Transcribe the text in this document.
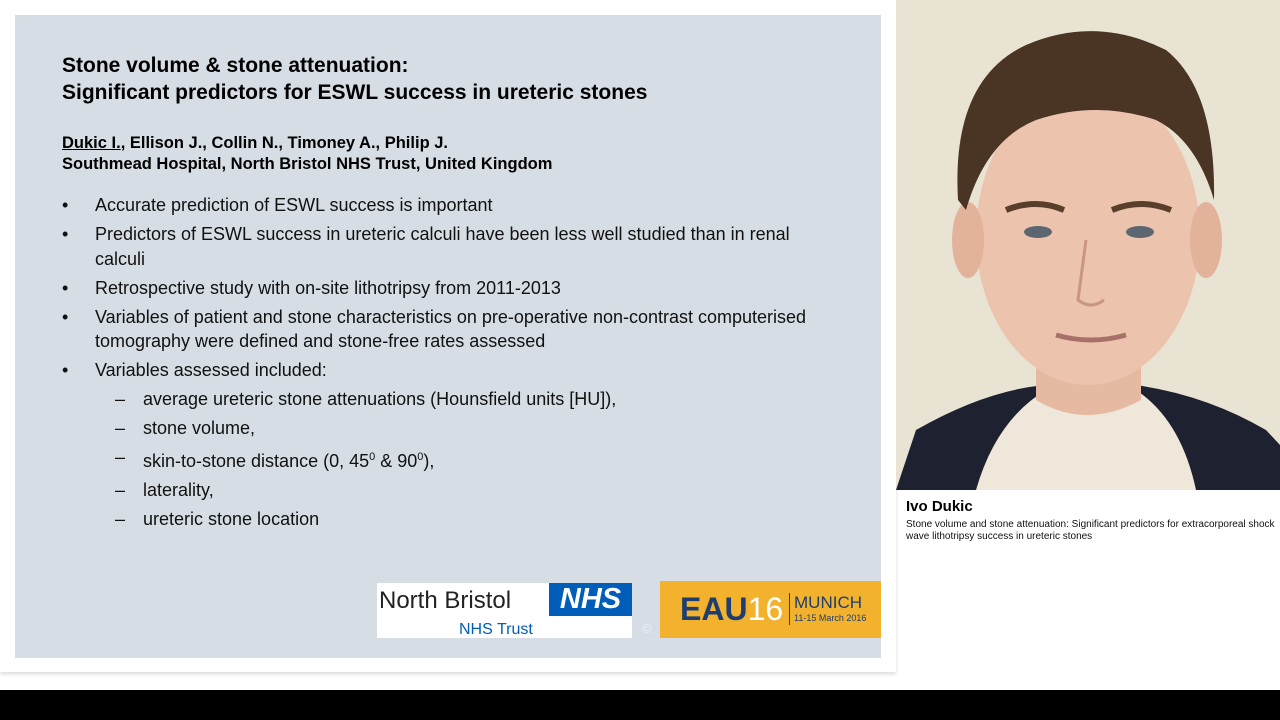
Stone volume & stone attenuation:
Significant predictors for ESWL success in ureteric stones
Dukic I., Ellison J., Collin N., Timoney A., Philip J.
Southmead Hospital, North Bristol NHS Trust, United Kingdom
• Accurate prediction of ESWL success is important
• Predictors of ESWL success in ureteric calculi have been less well studied than in renal calculi
• Retrospective study with on-site lithotripsy from 2011-2013
• Variables of patient and stone characteristics on pre-operative non-contrast computerised tomography were defined and stone-free rates assessed
• Variables assessed included:
– average ureteric stone attenuations (Hounsfield units [HU]),
– stone volume,
– skin-to-stone distance (0, $45^0$ & $90^0$),
– laterality,
– ureteric stone location
North Bristol	NHS
NHS Trust	©
EAU16 MUNICH
11-15 March 2016
Ivo Dukic
Stone volume and stone attenuation: Significant predictors for extracorporeal shock wave lithotripsy success in ureteric stones
